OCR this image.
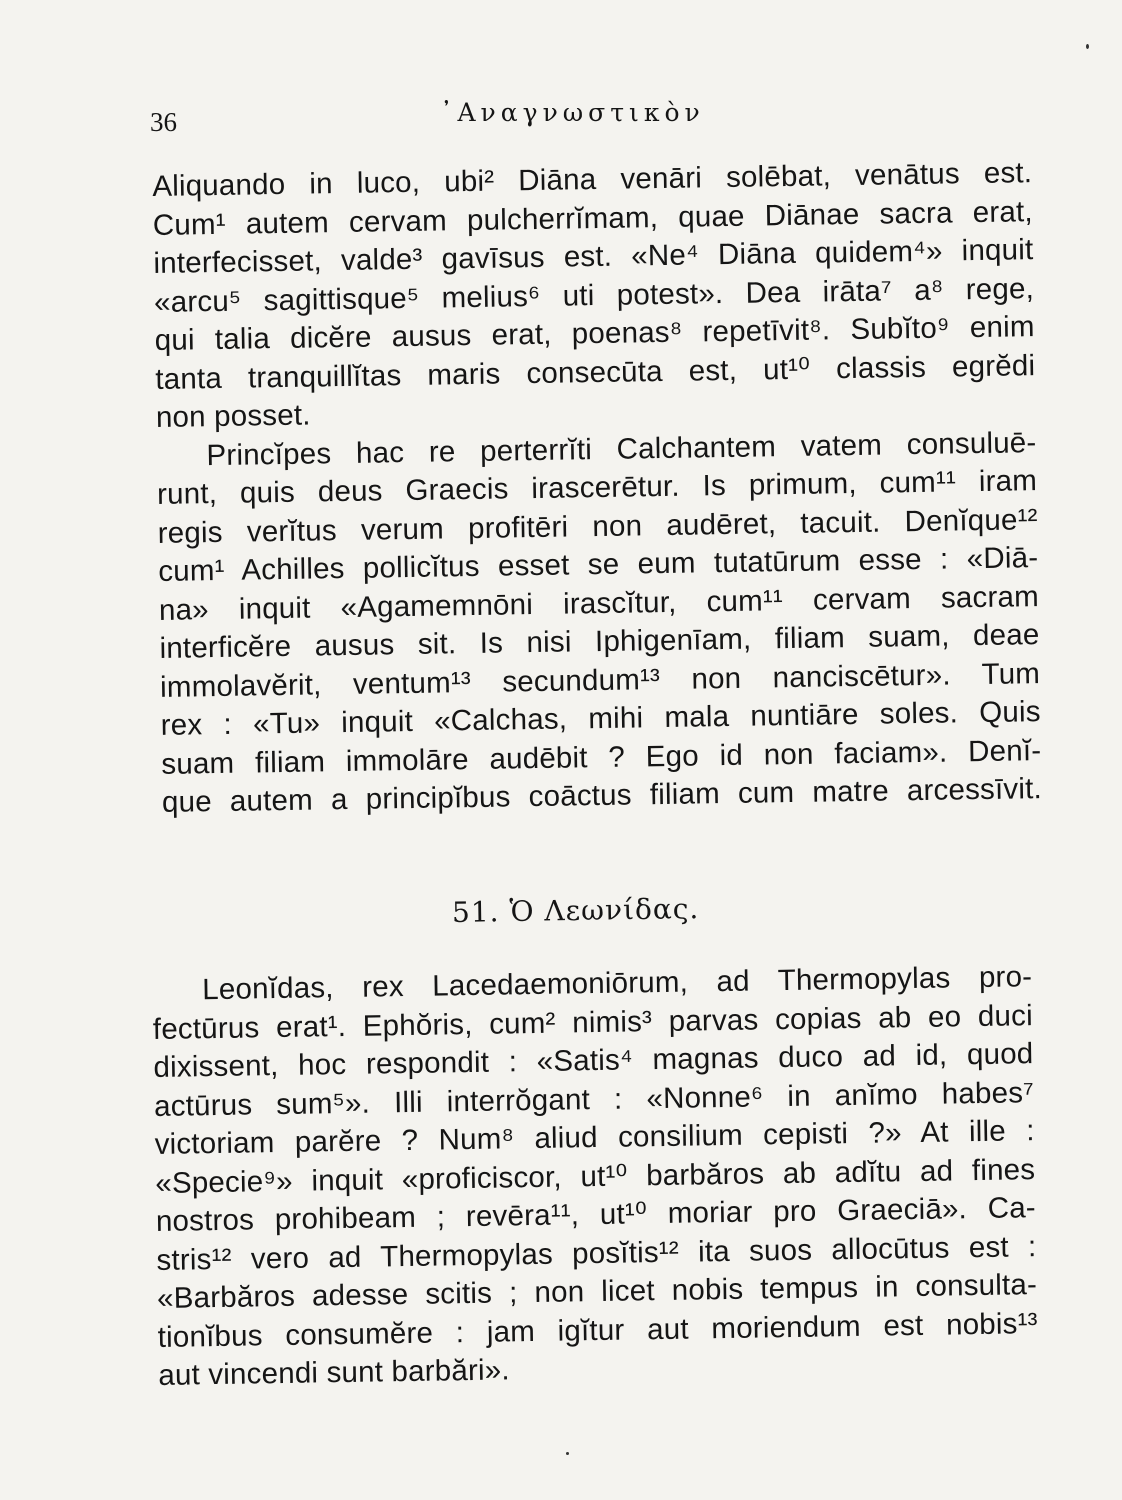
36	᾿Αναγνωστικὸν
Aliquando in luco, ubi² Diāna venāri solēbat, venātus est.
Cum¹ autem cervam pulcherrĭmam, quae Diānae sacra erat,
interfecisset, valde³ gavīsus est. «Ne⁴ Diāna quidem⁴» inquit
«arcu⁵ sagittisque⁵ melius⁶ uti potest». Dea irāta⁷ a⁸ rege,
qui talia dicĕre ausus erat, poenas⁸ repetīvit⁸. Subĭto⁹ enim
tanta tranquillĭtas maris consecūta est, ut¹⁰ classis egrĕdi
non posset.
Princĭpes hac re perterrĭti Calchantem vatem consuluē-
runt, quis deus Graecis irascerētur. Is primum, cum¹¹ iram
regis verĭtus verum profitēri non audēret, tacuit. Denĭque¹²
cum¹ Achilles pollicĭtus esset se eum tutatūrum esse : «Diā-
na» inquit «Agamemnōni irascĭtur, cum¹¹ cervam sacram
interficĕre ausus sit. Is nisi Iphigenīam, filiam suam, deae
immolavĕrit, ventum¹³ secundum¹³ non nanciscētur». Tum
rex : «Tu» inquit «Calchas, mihi mala nuntiāre soles. Quis
suam filiam immolāre audēbit ? Ego id non faciam». Denĭ-
que autem a principĭbus coāctus filiam cum matre arcessīvit.
51. Ὁ Λεωνίδας.
Leonĭdas, rex Lacedaemoniōrum, ad Thermopylas pro-
fectūrus erat¹. Ephŏris, cum² nimis³ parvas copias ab eo duci
dixissent, hoc respondit : «Satis⁴ magnas duco ad id, quod
actūrus sum⁵». Illi interrŏgant : «Nonne⁶ in anĭmo habes⁷
victoriam parĕre ? Num⁸ aliud consilium cepisti ?» At ille :
«Specie⁹» inquit «proficiscor, ut¹⁰ barbăros ab adĭtu ad fines
nostros prohibeam ; revēra¹¹, ut¹⁰ moriar pro Graeciā». Ca-
stris¹² vero ad Thermopylas posĭtis¹² ita suos allocūtus est :
«Barbăros adesse scitis ; non licet nobis tempus in consulta-
tionĭbus consumĕre : jam igĭtur aut moriendum est nobis¹³
aut vincendi sunt barbări».
